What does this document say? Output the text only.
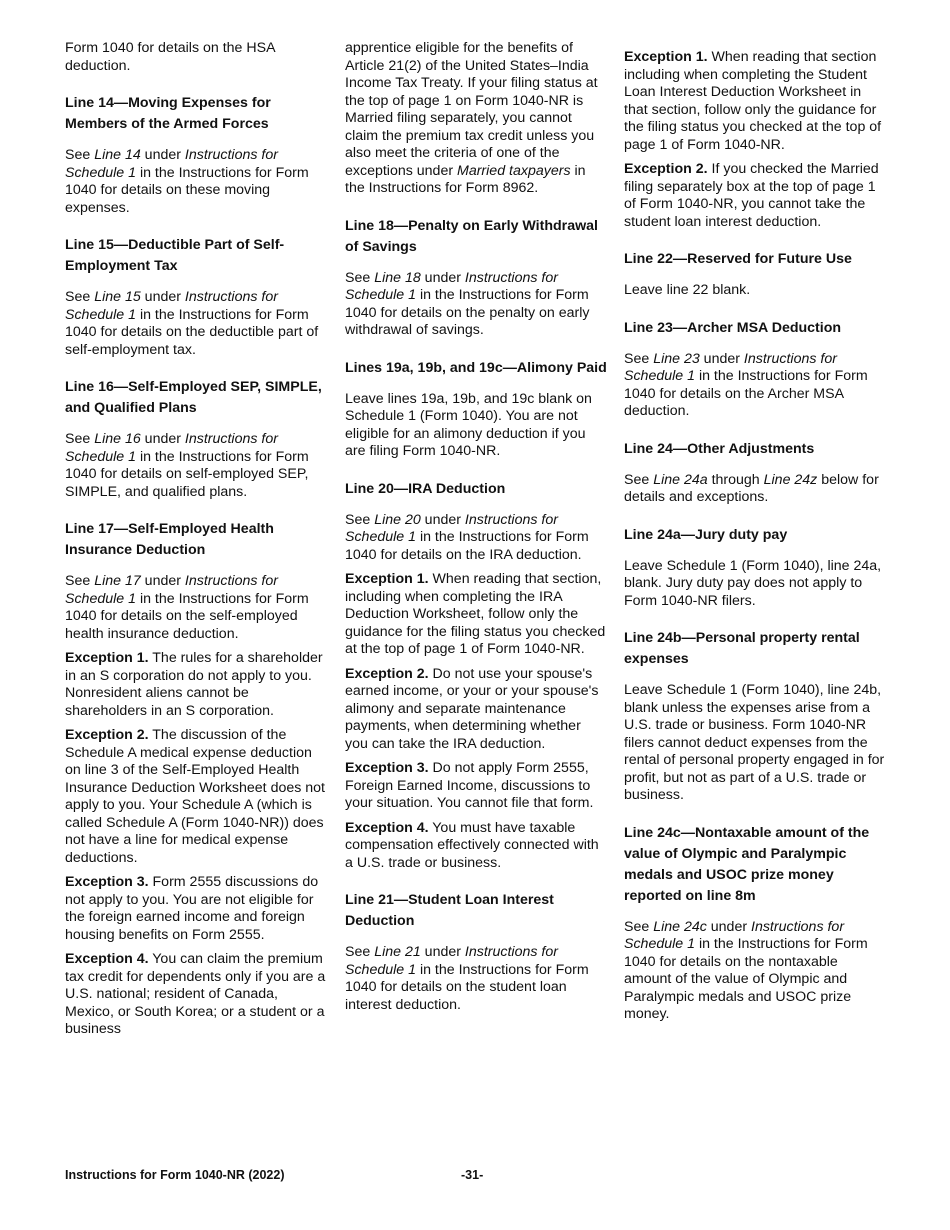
Form 1040 for details on the HSA deduction.

Line 14—Moving Expenses for Members of the Armed Forces

See Line 14 under Instructions for Schedule 1 in the Instructions for Form 1040 for details on these moving expenses.

Line 15—Deductible Part of Self-Employment Tax

See Line 15 under Instructions for Schedule 1 in the Instructions for Form 1040 for details on the deductible part of self-employment tax.

Line 16—Self-Employed SEP, SIMPLE, and Qualified Plans

See Line 16 under Instructions for Schedule 1 in the Instructions for Form 1040 for details on self-employed SEP, SIMPLE, and qualified plans.

Line 17—Self-Employed Health Insurance Deduction

See Line 17 under Instructions for Schedule 1 in the Instructions for Form 1040 for details on the self-employed health insurance deduction.

Exception 1. The rules for a shareholder in an S corporation do not apply to you. Nonresident aliens cannot be shareholders in an S corporation.

Exception 2. The discussion of the Schedule A medical expense deduction on line 3 of the Self-Employed Health Insurance Deduction Worksheet does not apply to you. Your Schedule A (which is called Schedule A (Form 1040-NR)) does not have a line for medical expense deductions.

Exception 3. Form 2555 discussions do not apply to you. You are not eligible for the foreign earned income and foreign housing benefits on Form 2555.

Exception 4. You can claim the premium tax credit for dependents only if you are a U.S. national; resident of Canada, Mexico, or South Korea; or a student or a business

apprentice eligible for the benefits of Article 21(2) of the United States–India Income Tax Treaty. If your filing status at the top of page 1 on Form 1040-NR is Married filing separately, you cannot claim the premium tax credit unless you also meet the criteria of one of the exceptions under Married taxpayers in the Instructions for Form 8962.

Line 18—Penalty on Early Withdrawal of Savings

See Line 18 under Instructions for Schedule 1 in the Instructions for Form 1040 for details on the penalty on early withdrawal of savings.

Lines 19a, 19b, and 19c—Alimony Paid

Leave lines 19a, 19b, and 19c blank on Schedule 1 (Form 1040). You are not eligible for an alimony deduction if you are filing Form 1040-NR.

Line 20—IRA Deduction

See Line 20 under Instructions for Schedule 1 in the Instructions for Form 1040 for details on the IRA deduction.

Exception 1. When reading that section, including when completing the IRA Deduction Worksheet, follow only the guidance for the filing status you checked at the top of page 1 of Form 1040-NR.

Exception 2. Do not use your spouse's earned income, or your or your spouse's alimony and separate maintenance payments, when determining whether you can take the IRA deduction.

Exception 3. Do not apply Form 2555, Foreign Earned Income, discussions to your situation. You cannot file that form.

Exception 4. You must have taxable compensation effectively connected with a U.S. trade or business.

Line 21—Student Loan Interest Deduction

See Line 21 under Instructions for Schedule 1 in the Instructions for Form 1040 for details on the student loan interest deduction.

Exception 1. When reading that section including when completing the Student Loan Interest Deduction Worksheet in that section, follow only the guidance for the filing status you checked at the top of page 1 of Form 1040-NR.

Exception 2. If you checked the Married filing separately box at the top of page 1 of Form 1040-NR, you cannot take the student loan interest deduction.

Line 22—Reserved for Future Use

Leave line 22 blank.

Line 23—Archer MSA Deduction

See Line 23 under Instructions for Schedule 1 in the Instructions for Form 1040 for details on the Archer MSA deduction.

Line 24—Other Adjustments

See Line 24a through Line 24z below for details and exceptions.

Line 24a—Jury duty pay

Leave Schedule 1 (Form 1040), line 24a, blank. Jury duty pay does not apply to Form 1040-NR filers.

Line 24b—Personal property rental expenses

Leave Schedule 1 (Form 1040), line 24b, blank unless the expenses arise from a U.S. trade or business. Form 1040-NR filers cannot deduct expenses from the rental of personal property engaged in for profit, but not as part of a U.S. trade or business.

Line 24c—Nontaxable amount of the value of Olympic and Paralympic medals and USOC prize money reported on line 8m

See Line 24c under Instructions for Schedule 1 in the Instructions for Form 1040 for details on the nontaxable amount of the value of Olympic and Paralympic medals and USOC prize money.

Instructions for Form 1040-NR (2022)	-31-
